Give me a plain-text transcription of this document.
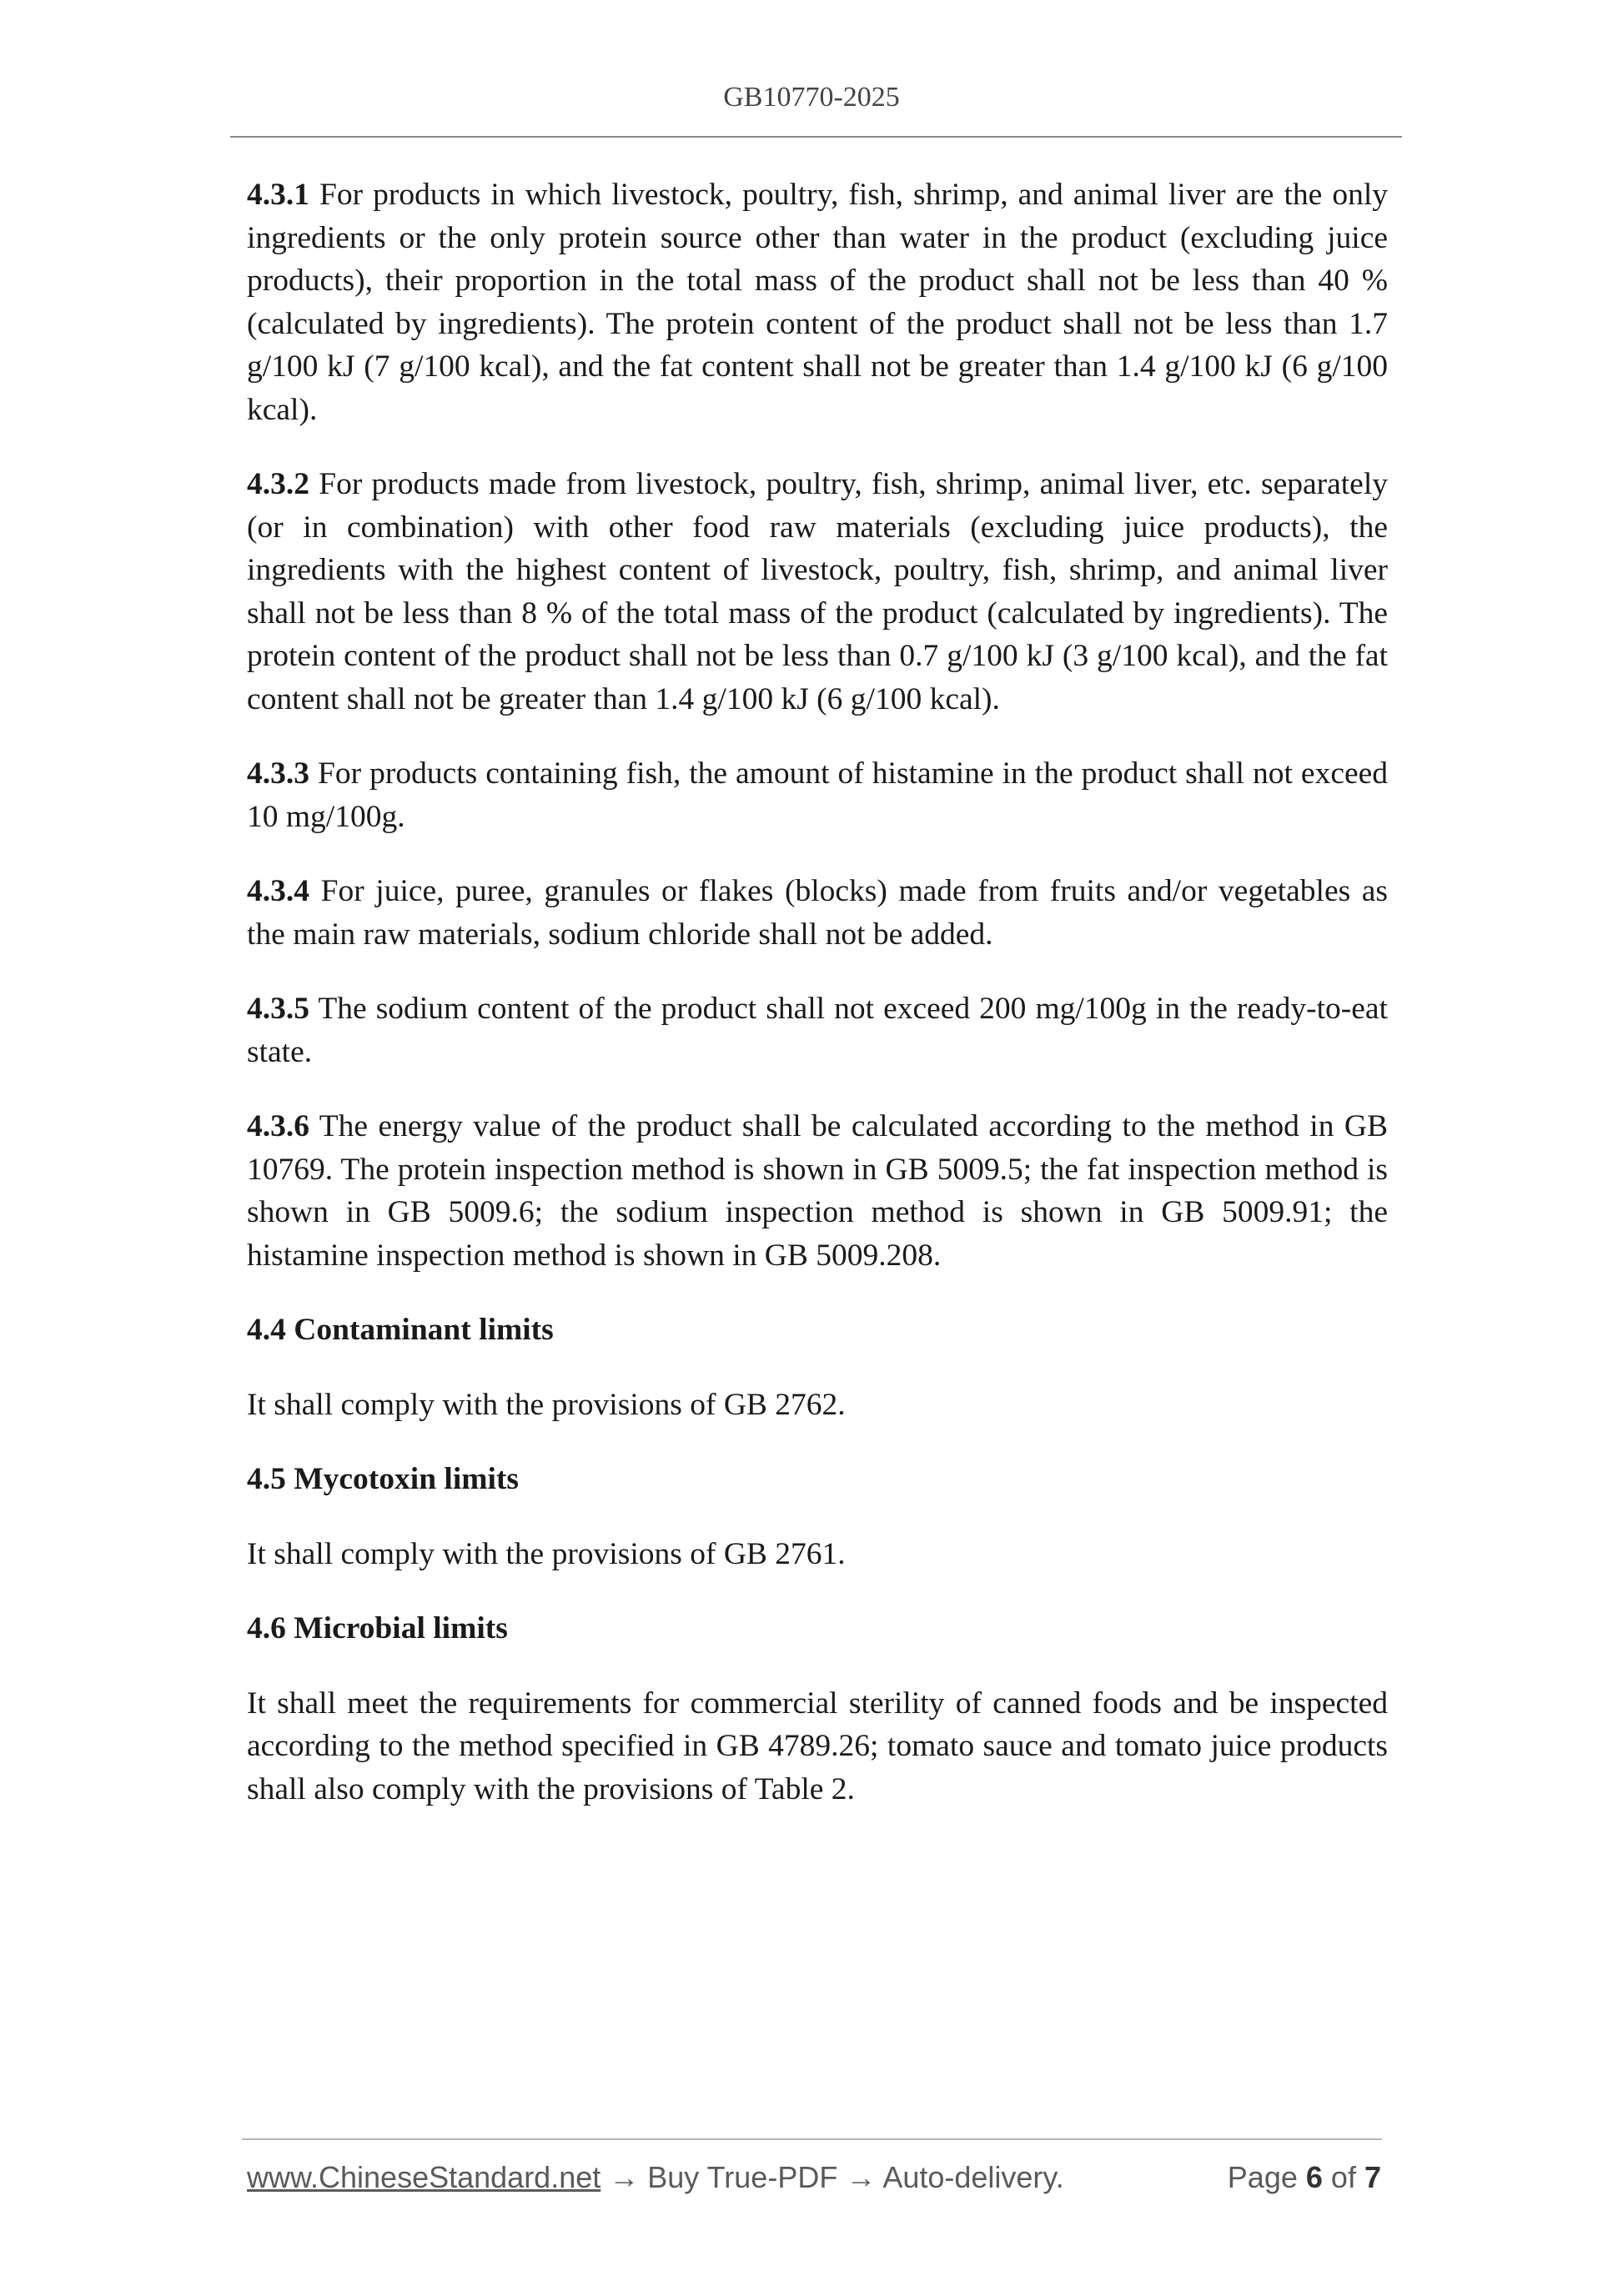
GB10770-2025

4.3.1 For products in which livestock, poultry, fish, shrimp, and animal liver are the only ingredients or the only protein source other than water in the product (excluding juice products), their proportion in the total mass of the product shall not be less than 40 % (calculated by ingredients). The protein content of the product shall not be less than 1.7 g/100 kJ (7 g/100 kcal), and the fat content shall not be greater than 1.4 g/100 kJ (6 g/100 kcal).

4.3.2 For products made from livestock, poultry, fish, shrimp, animal liver, etc. separately (or in combination) with other food raw materials (excluding juice products), the ingredients with the highest content of livestock, poultry, fish, shrimp, and animal liver shall not be less than 8 % of the total mass of the product (calculated by ingredients). The protein content of the product shall not be less than 0.7 g/100 kJ (3 g/100 kcal), and the fat content shall not be greater than 1.4 g/100 kJ (6 g/100 kcal).

4.3.3 For products containing fish, the amount of histamine in the product shall not exceed 10 mg/100g.

4.3.4 For juice, puree, granules or flakes (blocks) made from fruits and/or vegetables as the main raw materials, sodium chloride shall not be added.

4.3.5 The sodium content of the product shall not exceed 200 mg/100g in the ready-to-eat state.

4.3.6 The energy value of the product shall be calculated according to the method in GB 10769. The protein inspection method is shown in GB 5009.5; the fat inspection method is shown in GB 5009.6; the sodium inspection method is shown in GB 5009.91; the histamine inspection method is shown in GB 5009.208.

4.4 Contaminant limits

It shall comply with the provisions of GB 2762.

4.5 Mycotoxin limits

It shall comply with the provisions of GB 2761.

4.6 Microbial limits

It shall meet the requirements for commercial sterility of canned foods and be inspected according to the method specified in GB 4789.26; tomato sauce and tomato juice products shall also comply with the provisions of Table 2.

www.ChineseStandard.net → Buy True-PDF → Auto-delivery.	Page 6 of 7
